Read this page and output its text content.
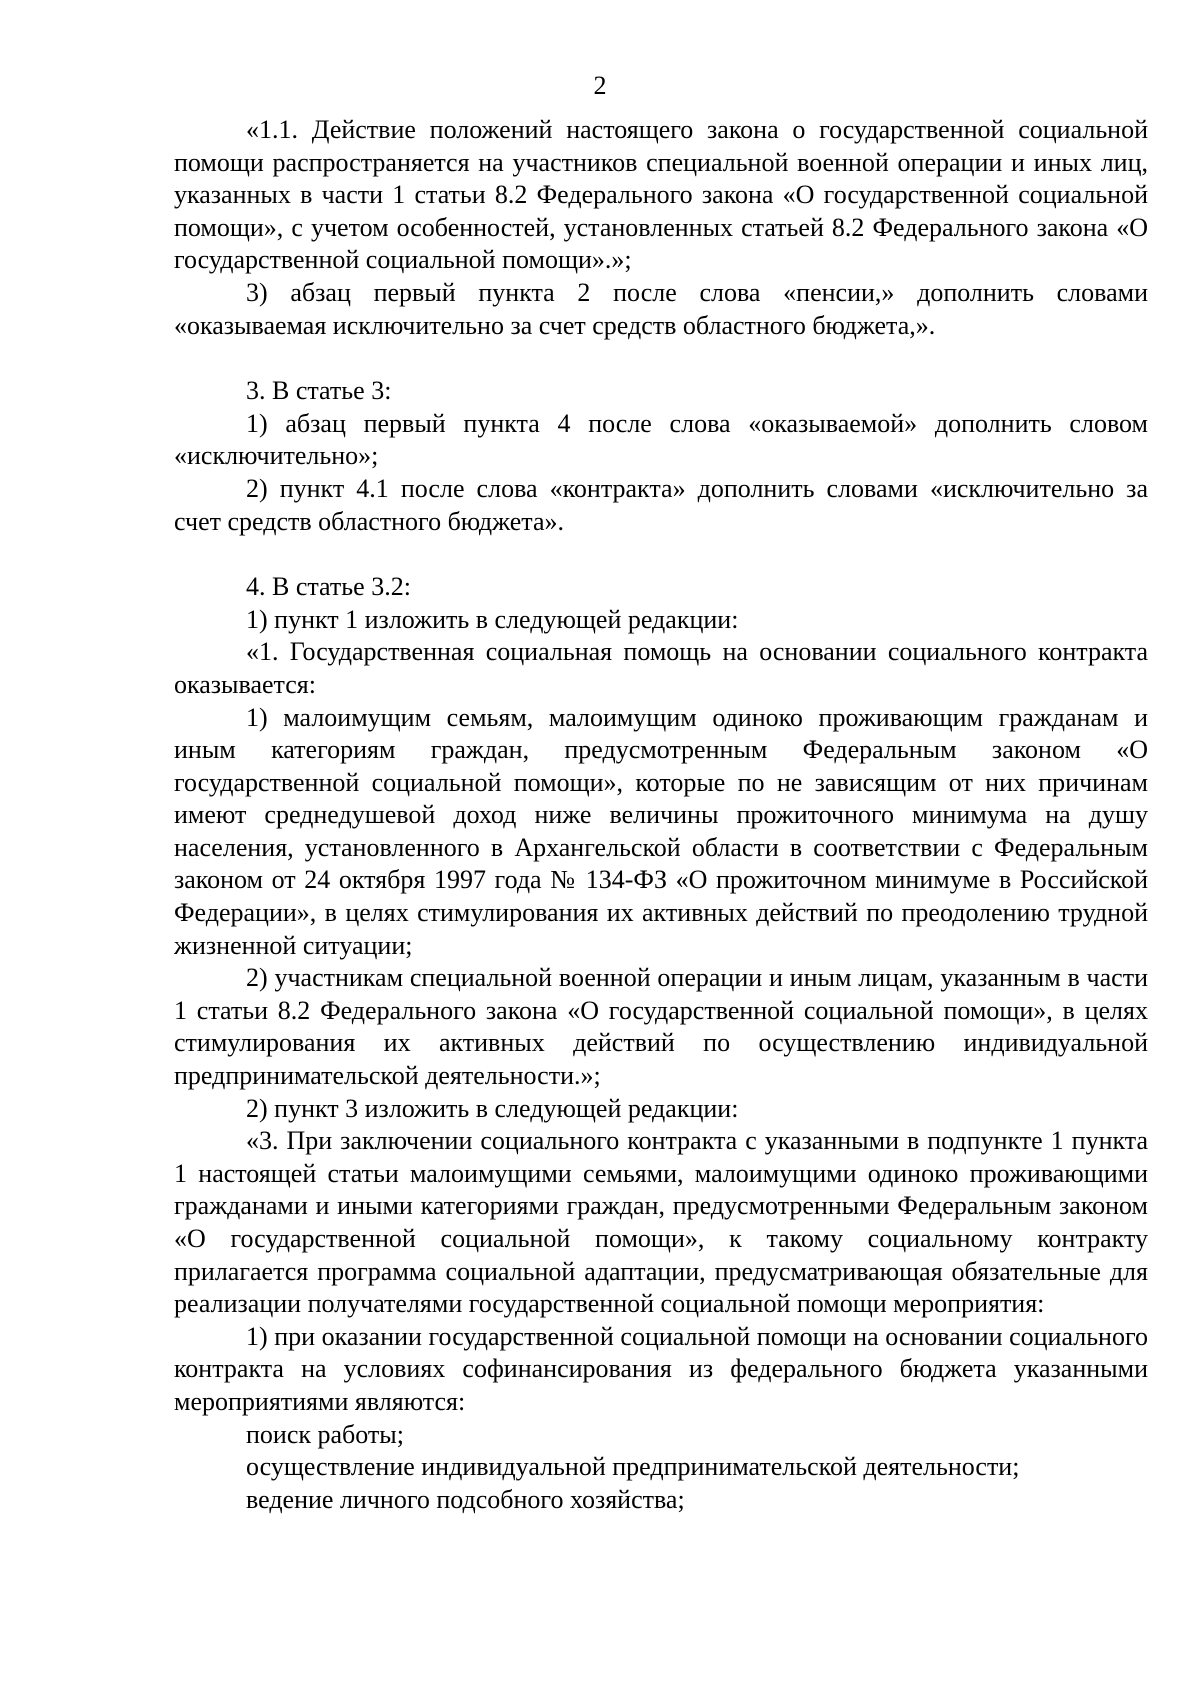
2

«1.1. Действие положений настоящего закона о государственной социальной помощи распространяется на участников специальной военной операции и иных лиц, указанных в части 1 статьи 8.2 Федерального закона «О государственной социальной помощи», с учетом особенностей, установленных статьей 8.2 Федерального закона «О государственной социальной помощи».»;

3) абзац первый пункта 2 после слова «пенсии,» дополнить словами «оказываемая исключительно за счет средств областного бюджета,».

3. В статье 3:

1) абзац первый пункта 4 после слова «оказываемой» дополнить словом «исключительно»;

2) пункт 4.1 после слова «контракта» дополнить словами «исключительно за счет средств областного бюджета».

4. В статье 3.2:

1) пункт 1 изложить в следующей редакции:

«1. Государственная социальная помощь на основании социального контракта оказывается:

1) малоимущим семьям, малоимущим одиноко проживающим гражданам и иным категориям граждан, предусмотренным Федеральным законом «О государственной социальной помощи», которые по не зависящим от них причинам имеют среднедушевой доход ниже величины прожиточного минимума на душу населения, установленного в Архангельской области в соответствии с Федеральным законом от 24 октября 1997 года № 134-ФЗ «О прожиточном минимуме в Российской Федерации», в целях стимулирования их активных действий по преодолению трудной жизненной ситуации;

2) участникам специальной военной операции и иным лицам, указанным в части 1 статьи 8.2 Федерального закона «О государственной социальной помощи», в целях стимулирования их активных действий по осуществлению индивидуальной предпринимательской деятельности.»;

2) пункт 3 изложить в следующей редакции:

«3. При заключении социального контракта с указанными в подпункте 1 пункта 1 настоящей статьи малоимущими семьями, малоимущими одиноко проживающими гражданами и иными категориями граждан, предусмотренными Федеральным законом «О государственной социальной помощи», к такому социальному контракту прилагается программа социальной адаптации, предусматривающая обязательные для реализации получателями государственной социальной помощи мероприятия:

1) при оказании государственной социальной помощи на основании социального контракта на условиях софинансирования из федерального бюджета указанными мероприятиями являются:

поиск работы;

осуществление индивидуальной предпринимательской деятельности;

ведение личного подсобного хозяйства;
